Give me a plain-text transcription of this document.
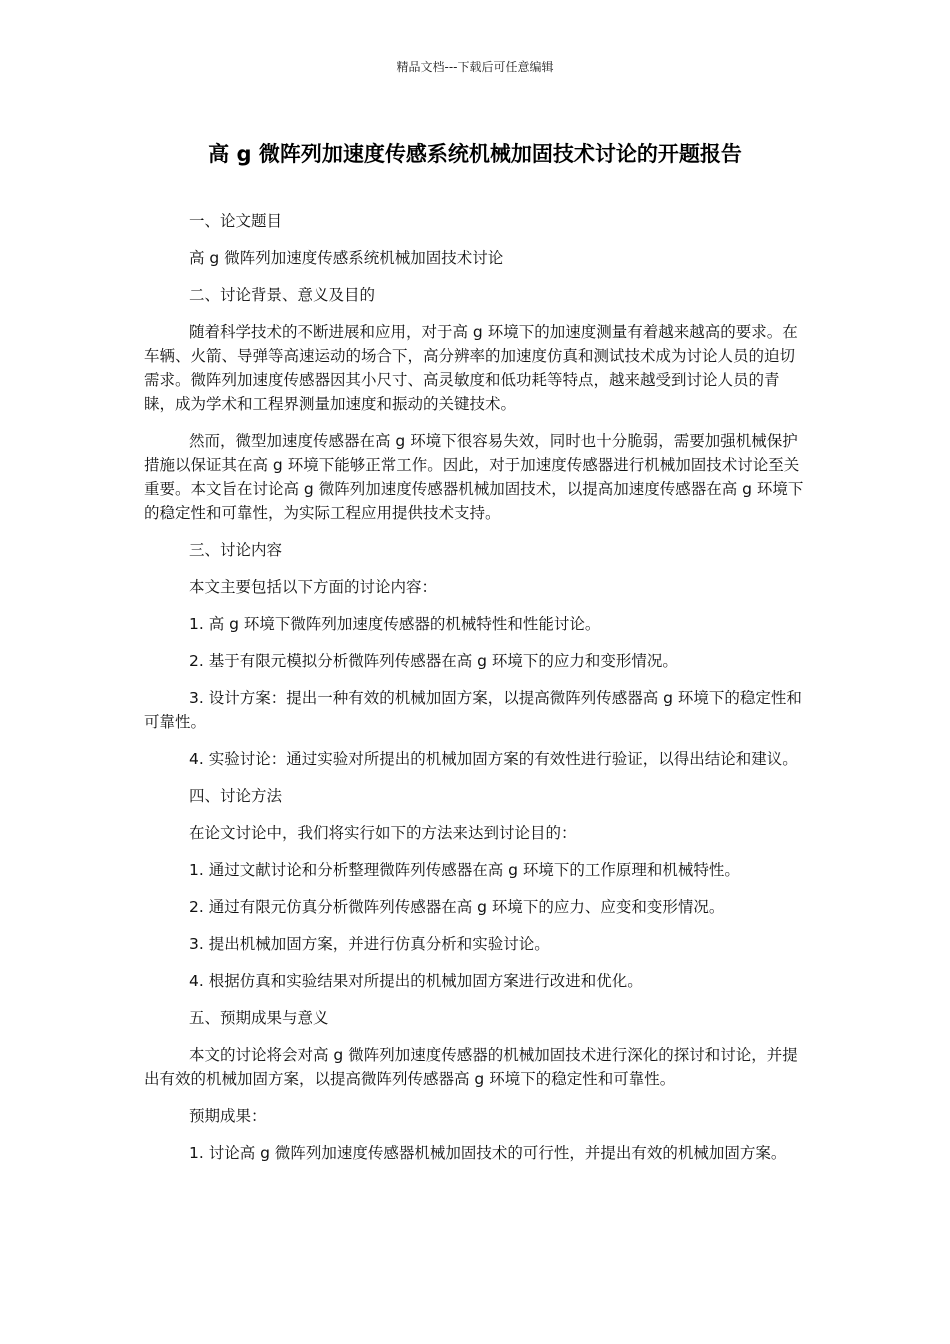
精品文档---下载后可任意编辑
高 g 微阵列加速度传感系统机械加固技术讨论的开题报告

一、论文题目

高 g 微阵列加速度传感系统机械加固技术讨论

二、讨论背景、意义及目的

随着科学技术的不断进展和应用，对于高 g 环境下的加速度测量有着越来越高的要求。在车辆、火箭、导弹等高速运动的场合下，高分辨率的加速度仿真和测试技术成为讨论人员的迫切需求。微阵列加速度传感器因其小尺寸、高灵敏度和低功耗等特点，越来越受到讨论人员的青睐，成为学术和工程界测量加速度和振动的关键技术。

然而，微型加速度传感器在高 g 环境下很容易失效，同时也十分脆弱，需要加强机械保护措施以保证其在高 g 环境下能够正常工作。因此，对于加速度传感器进行机械加固技术讨论至关重要。本文旨在讨论高 g 微阵列加速度传感器机械加固技术，以提高加速度传感器在高 g 环境下的稳定性和可靠性，为实际工程应用提供技术支持。

三、讨论内容

本文主要包括以下方面的讨论内容：

1. 高 g 环境下微阵列加速度传感器的机械特性和性能讨论。

2. 基于有限元模拟分析微阵列传感器在高 g 环境下的应力和变形情况。

3. 设计方案：提出一种有效的机械加固方案，以提高微阵列传感器高 g 环境下的稳定性和可靠性。

4. 实验讨论：通过实验对所提出的机械加固方案的有效性进行验证，以得出结论和建议。

四、讨论方法

在论文讨论中，我们将实行如下的方法来达到讨论目的：

1. 通过文献讨论和分析整理微阵列传感器在高 g 环境下的工作原理和机械特性。

2. 通过有限元仿真分析微阵列传感器在高 g 环境下的应力、应变和变形情况。

3. 提出机械加固方案，并进行仿真分析和实验讨论。

4. 根据仿真和实验结果对所提出的机械加固方案进行改进和优化。

五、预期成果与意义

本文的讨论将会对高 g 微阵列加速度传感器的机械加固技术进行深化的探讨和讨论，并提出有效的机械加固方案，以提高微阵列传感器高 g 环境下的稳定性和可靠性。

预期成果：

1. 讨论高 g 微阵列加速度传感器机械加固技术的可行性，并提出有效的机械加固方案。
